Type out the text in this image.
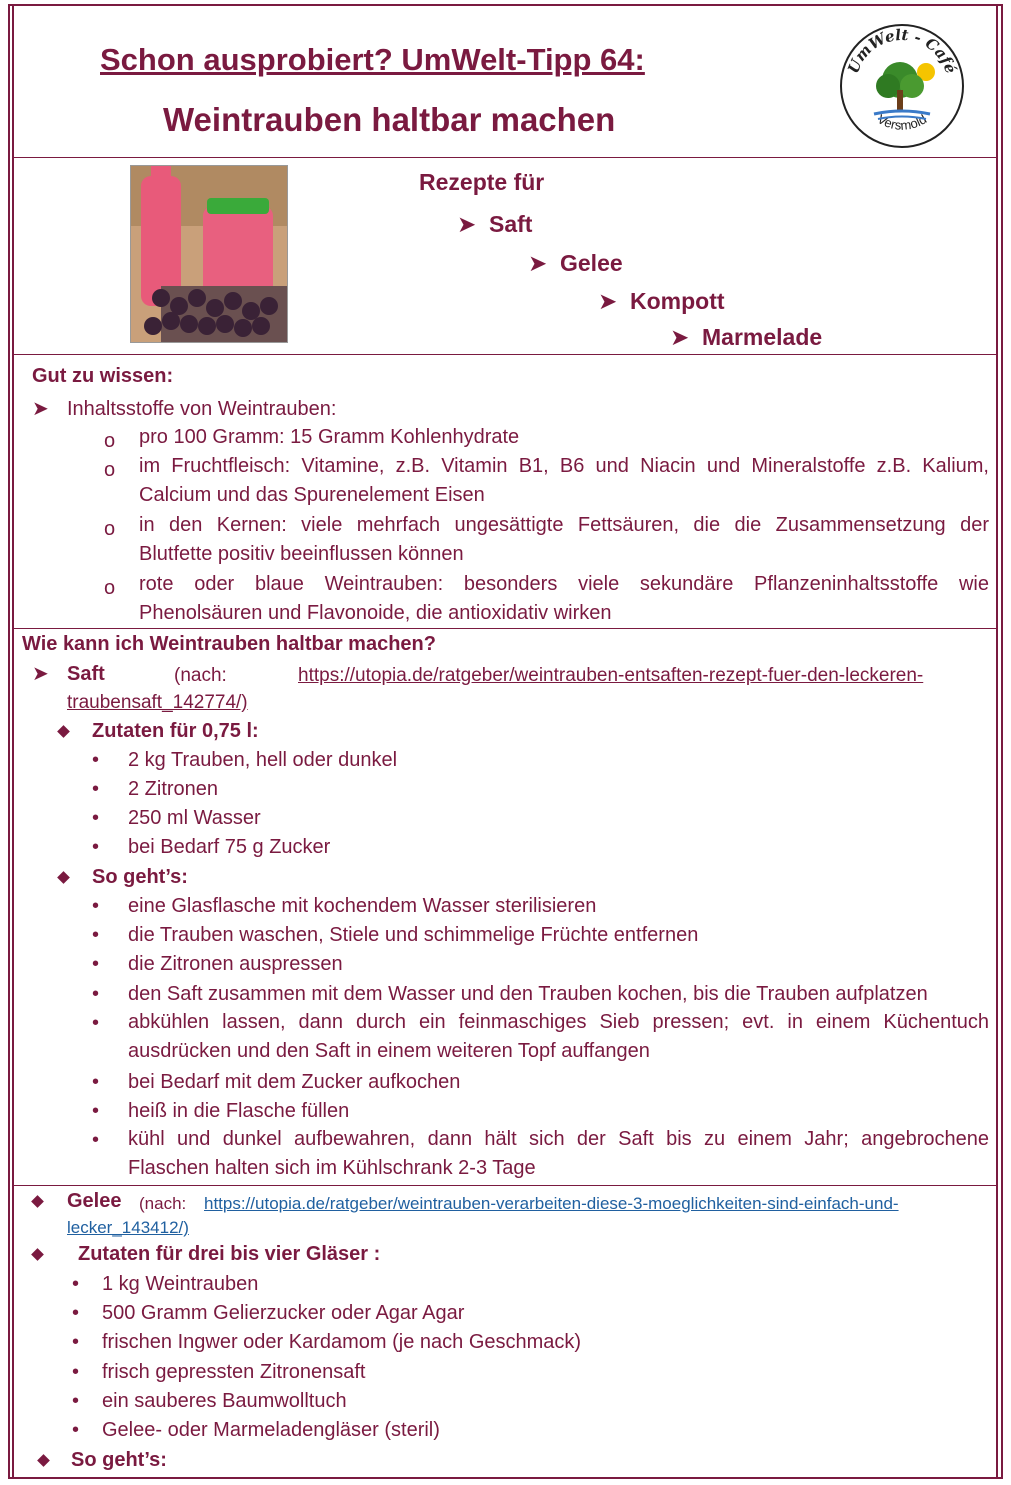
Schon ausprobiert? UmWelt-Tipp 64:
Weintrauben haltbar machen
UmWelt - Café
Versmold
Rezepte für
➤ Saft
➤ Gelee
➤ Kompott
➤ Marmelade
Gut zu wissen:
➤ Inhaltsstoffe von Weintrauben:
o pro 100 Gramm: 15 Gramm Kohlenhydrate
o im Fruchtfleisch: Vitamine, z.B. Vitamin B1, B6 und Niacin und Mineralstoffe z.B. Kalium,
Calcium und das Spurenelement Eisen
o in den Kernen: viele mehrfach ungesättigte Fettsäuren, die die Zusammensetzung der
Blutfette positiv beeinflussen können
o rote oder blaue Weintrauben: besonders viele sekundäre Pflanzeninhaltsstoffe wie
Phenolsäuren und Flavonoide, die antioxidativ wirken
Wie kann ich Weintrauben haltbar machen?
➤ Saft	(nach:	https://utopia.de/ratgeber/weintrauben-entsaften-rezept-fuer-den-leckeren-
traubensaft_142774/)
Zutaten für 0,75 l:
• 2 kg Trauben, hell oder dunkel
• 2 Zitronen
• 250 ml Wasser
• bei Bedarf 75 g Zucker
So geht’s:
• eine Glasflasche mit kochendem Wasser sterilisieren
• die Trauben waschen, Stiele und schimmelige Früchte entfernen
• die Zitronen auspressen
• den Saft zusammen mit dem Wasser und den Trauben kochen, bis die Trauben aufplatzen
• abkühlen lassen, dann durch ein feinmaschiges Sieb pressen; evt. in einem Küchentuch
ausdrücken und den Saft in einem weiteren Topf auffangen
• bei Bedarf mit dem Zucker aufkochen
• heiß in die Flasche füllen
• kühl und dunkel aufbewahren, dann hält sich der Saft bis zu einem Jahr; angebrochene
Flaschen halten sich im Kühlschrank 2-3 Tage
Gelee (nach: https://utopia.de/ratgeber/weintrauben-verarbeiten-diese-3-moeglichkeiten-sind-einfach-und-
lecker_143412/)
Zutaten für drei bis vier Gläser :
• 1 kg Weintrauben
• 500 Gramm Gelierzucker oder Agar Agar
• frischen Ingwer oder Kardamom (je nach Geschmack)
• frisch gepressten Zitronensaft
• ein sauberes Baumwolltuch
• Gelee- oder Marmeladengläser (steril)
So geht’s:
